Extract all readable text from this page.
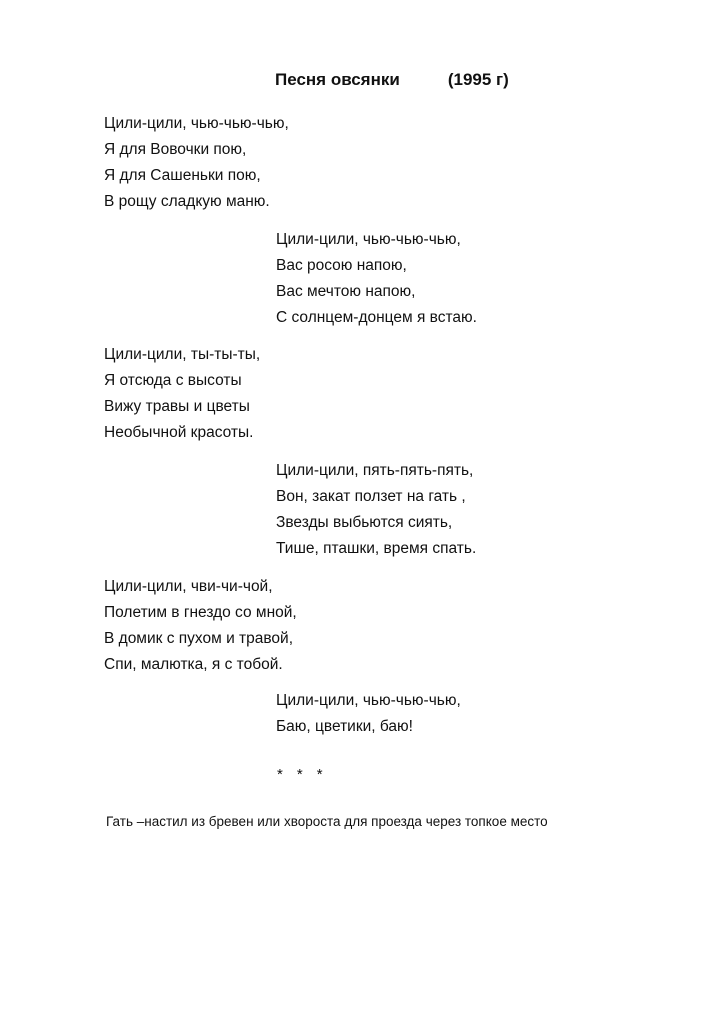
Песня овсянки	(1995 г)
Цили-цили, чью-чью-чью,
Я для Вовочки пою,
Я для Сашеньки пою,
В рощу сладкую маню.
Цили-цили, чью-чью-чью,
Вас росою напою,
Вас мечтою напою,
С солнцем-донцем я встаю.
Цили-цили, ты-ты-ты,
Я отсюда с высоты
Вижу травы и цветы
Необычной красоты.
Цили-цили, пять-пять-пять,
Вон, закат ползет на гать ,
Звезды выбьются сиять,
Тише, пташки, время спать.
Цили-цили, чви-чи-чой,
Полетим в гнездо со мной,
В домик с пухом и травой,
Спи, малютка, я с тобой.
Цили-цили, чью-чью-чью,
Баю, цветики, баю!
* * *
Гать –настил из бревен или хвороста для проезда через топкое место
